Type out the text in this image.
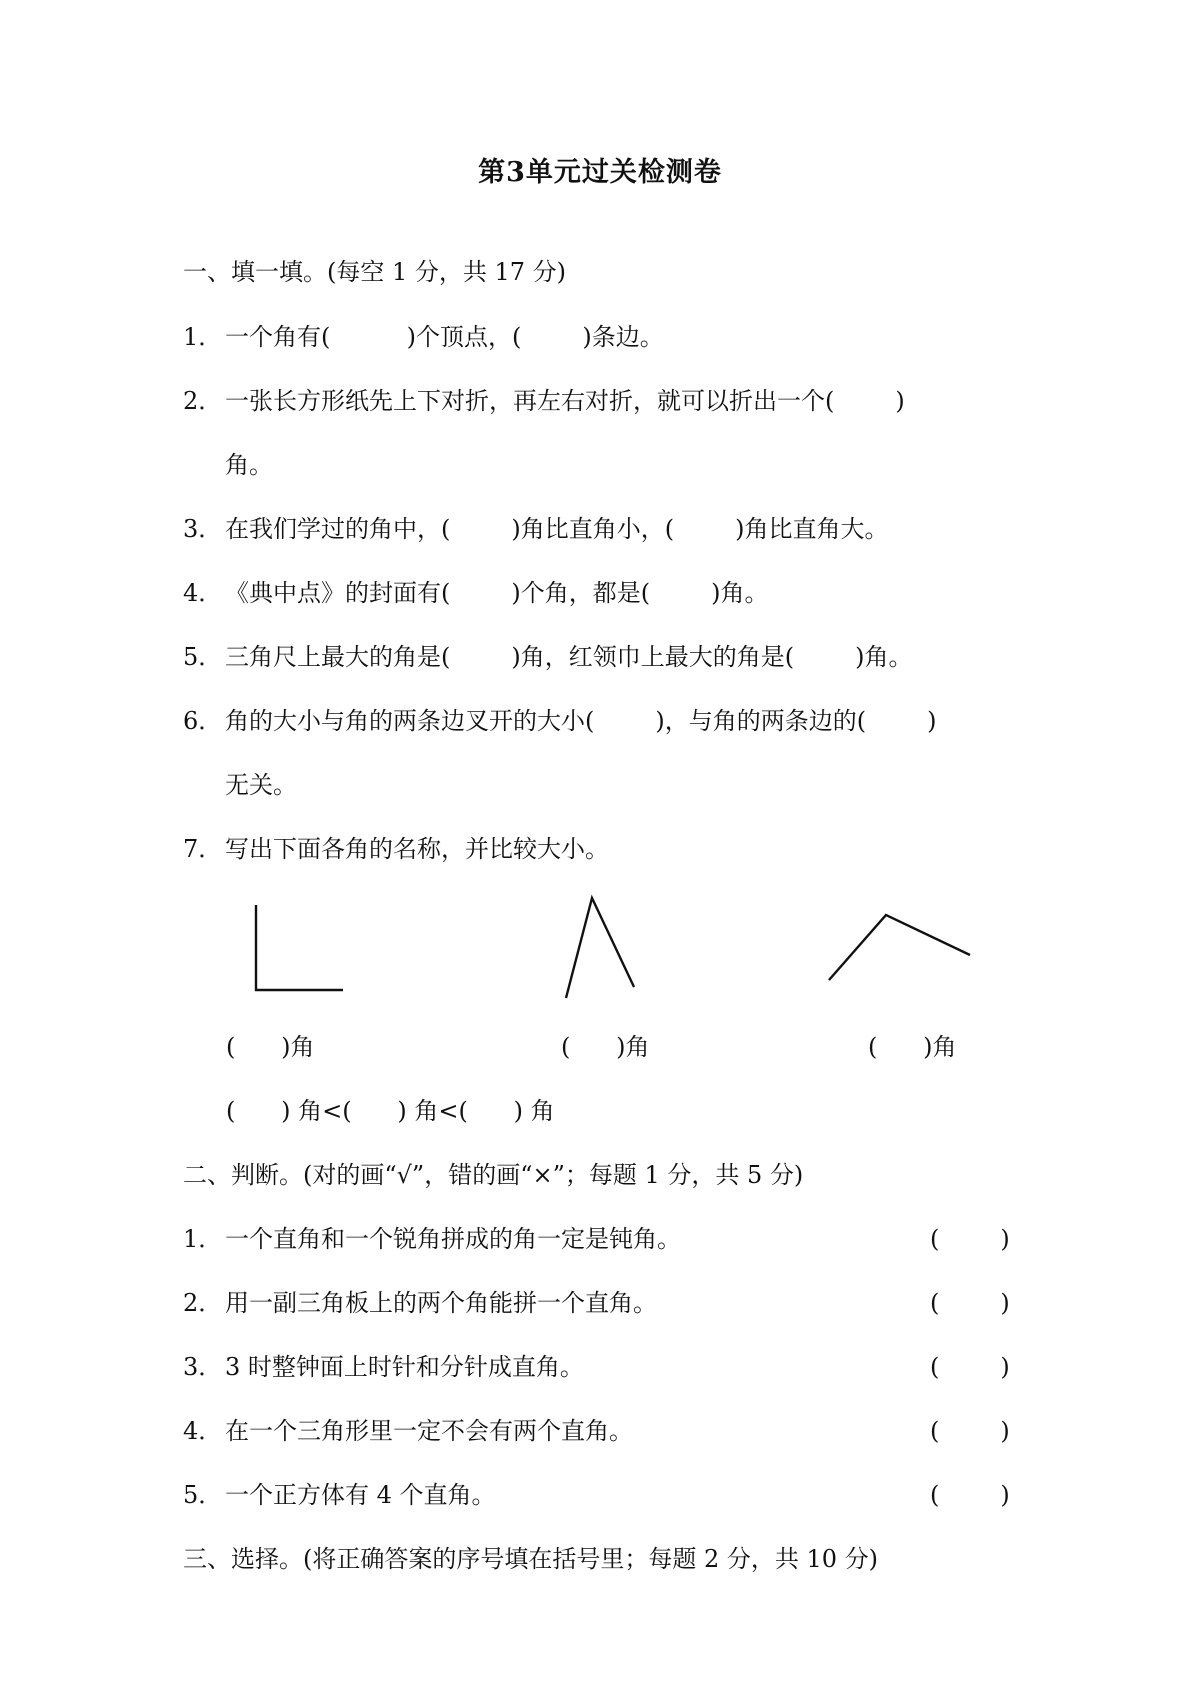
第3单元过关检测卷
一、填一填。(每空 1 分，共 17 分)
1． 一个角有(          )个顶点，(        )条边。
2． 一张长方形纸先上下对折，再左右对折，就可以折出一个(        )
角。
3． 在我们学过的角中，(        )角比直角小，(        )角比直角大。
4． 《典中点》的封面有(        )个角，都是(        )角。
5． 三角尺上最大的角是(        )角，红领巾上最大的角是(        )角。
6． 角的大小与角的两条边叉开的大小(        )，与角的两条边的(        )
无关。
7． 写出下面各角的名称，并比较大小。
(      )角	(      )角	(      )角
(      ) 角<(      ) 角<(      ) 角
二、判断。(对的画“√”，错的画“×”；每题 1 分，共 5 分)
1． 一个直角和一个锐角拼成的角一定是钝角。	(        )
2． 用一副三角板上的两个角能拼一个直角。	(        )
3． 3 时整钟面上时针和分针成直角。	(        )
4． 在一个三角形里一定不会有两个直角。	(        )
5． 一个正方体有 4 个直角。	(        )
三、选择。(将正确答案的序号填在括号里；每题 2 分，共 10 分)
